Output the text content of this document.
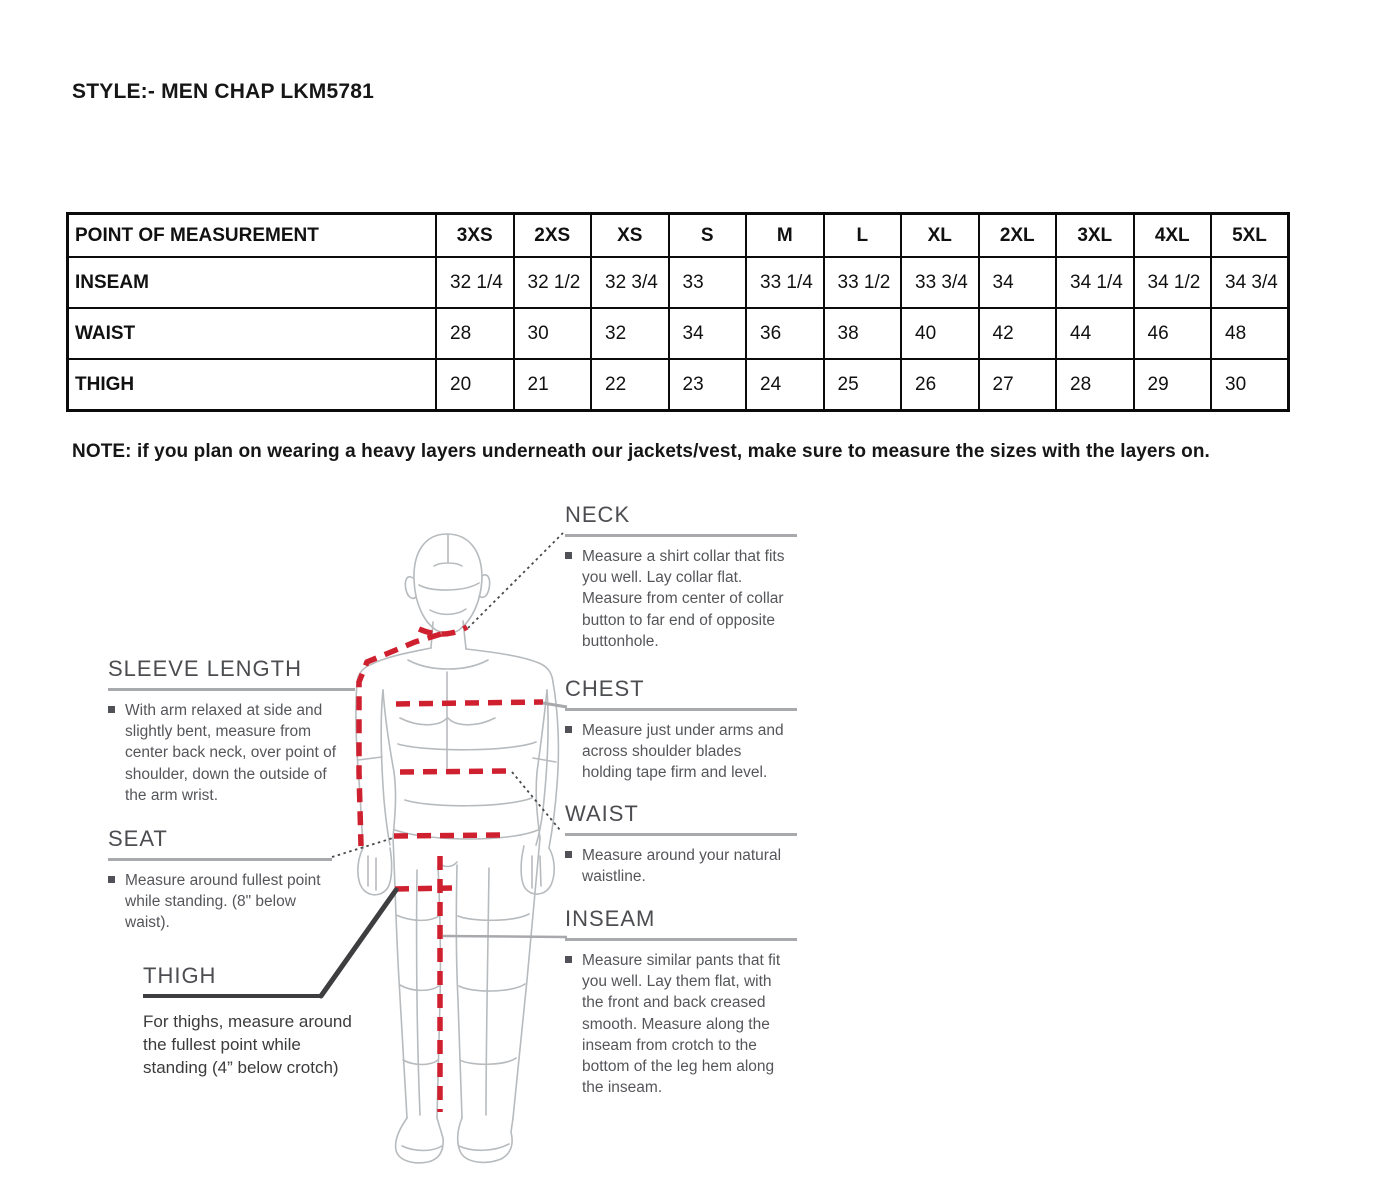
STYLE:- MEN CHAP LKM5781
POINT OF MEASUREMENT	3XS	2XS	XS	S	M	L	XL	2XL	3XL	4XL	5XL
INSEAM	32 1/4	32 1/2	32 3/4	33	33 1/4	33 1/2	33 3/4	34	34 1/4	34 1/2	34 3/4
WAIST	28	30	32	34	36	38	40	42	44	46	48
THIGH	20	21	22	23	24	25	26	27	28	29	30
NOTE: if you plan on wearing a heavy layers underneath our jackets/vest, make sure to measure the sizes with the layers on.
NECK

Measure a shirt collar that fits you well. Lay collar flat. Measure from center of collar button to far end of opposite buttonhole.

CHEST

Measure just under arms and across shoulder blades holding tape firm and level.

WAIST

Measure around your natural waistline.

INSEAM

Measure similar pants that fit you well. Lay them flat, with the front and back creased smooth. Measure along the inseam from crotch to the bottom of the leg hem along the inseam.

SLEEVE LENGTH

With arm relaxed at side and slightly bent, measure from center back neck, over point of shoulder, down the outside of the arm wrist.

SEAT

Measure around fullest point while standing. (8" below waist).

THIGH

For thighs, measure around the fullest point while standing (4” below crotch)
